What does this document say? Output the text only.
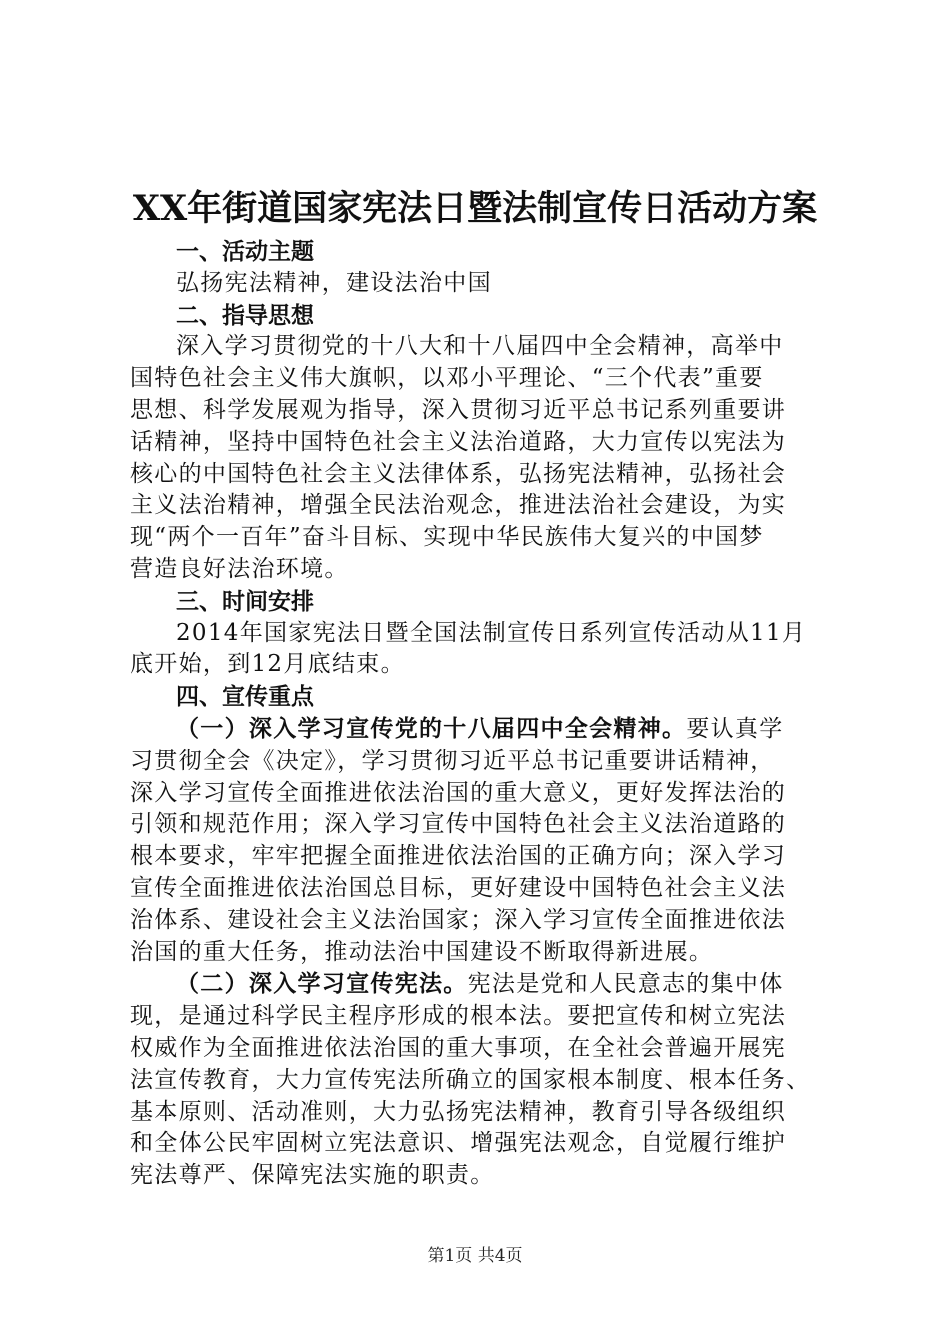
XX年街道国家宪法日暨法制宣传日活动方案

一、活动主题

弘扬宪法精神，建设法治中国

二、指导思想

深入学习贯彻党的十八大和十八届四中全会精神，高举中

国特色社会主义伟大旗帜，以邓小平理论、“三个代表”重要

思想、科学发展观为指导，深入贯彻习近平总书记系列重要讲

话精神，坚持中国特色社会主义法治道路，大力宣传以宪法为

核心的中国特色社会主义法律体系，弘扬宪法精神，弘扬社会

主义法治精神，增强全民法治观念，推进法治社会建设，为实

现“两个一百年”奋斗目标、实现中华民族伟大复兴的中国梦

营造良好法治环境。

三、时间安排

2014年国家宪法日暨全国法制宣传日系列宣传活动从11月

底开始，到12月底结束。

四、宣传重点

（一）深入学习宣传党的十八届四中全会精神。要认真学

习贯彻全会《决定》，学习贯彻习近平总书记重要讲话精神，

深入学习宣传全面推进依法治国的重大意义，更好发挥法治的

引领和规范作用；深入学习宣传中国特色社会主义法治道路的

根本要求，牢牢把握全面推进依法治国的正确方向；深入学习

宣传全面推进依法治国总目标，更好建设中国特色社会主义法

治体系、建设社会主义法治国家；深入学习宣传全面推进依法

治国的重大任务，推动法治中国建设不断取得新进展。

（二）深入学习宣传宪法。宪法是党和人民意志的集中体

现，是通过科学民主程序形成的根本法。要把宣传和树立宪法

权威作为全面推进依法治国的重大事项，在全社会普遍开展宪

法宣传教育，大力宣传宪法所确立的国家根本制度、根本任务、

基本原则、活动准则，大力弘扬宪法精神，教育引导各级组织

和全体公民牢固树立宪法意识、增强宪法观念，自觉履行维护

宪法尊严、保障宪法实施的职责。

第1页 共4页
